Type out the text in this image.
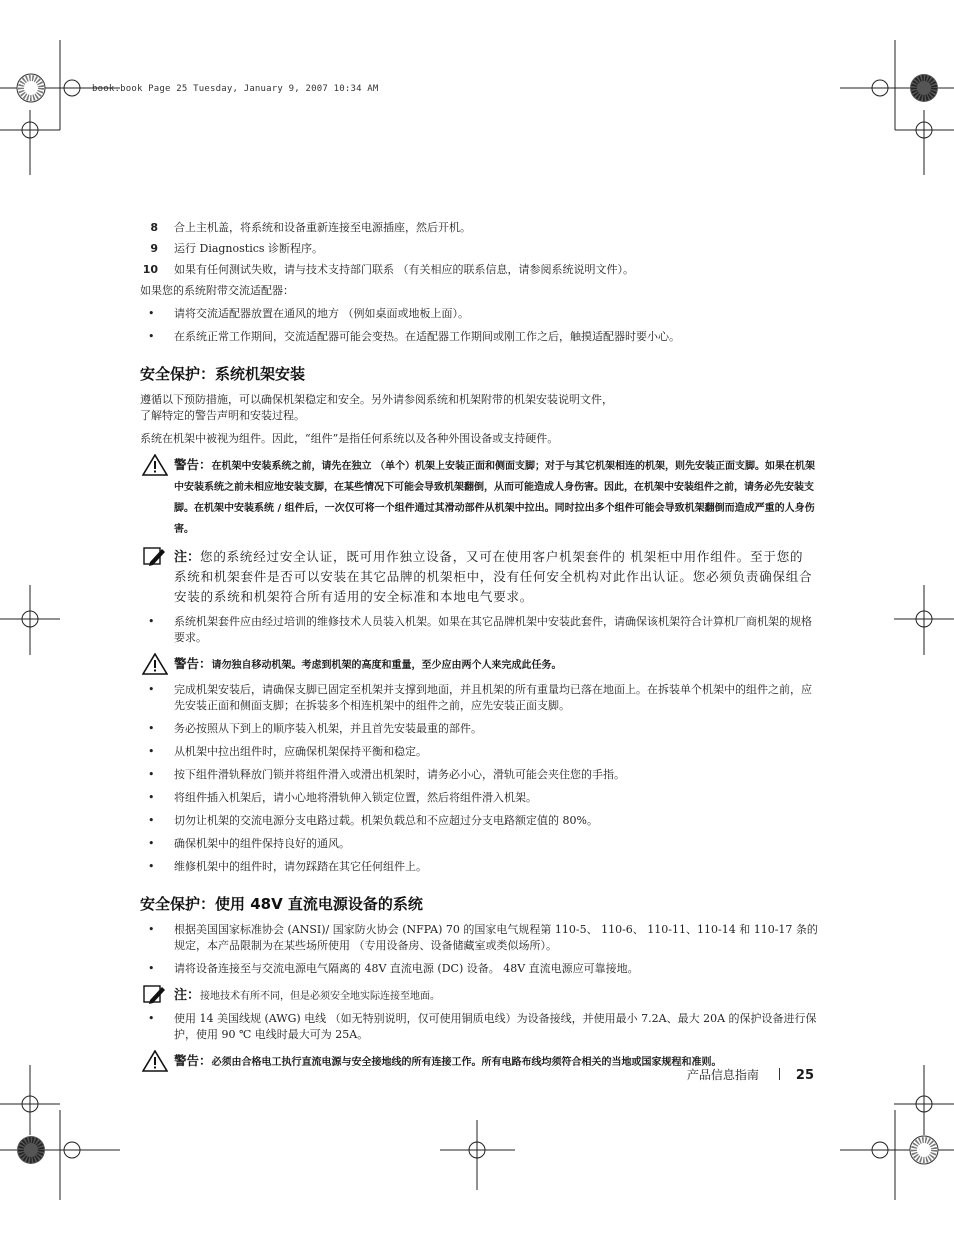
book.book Page 25 Tuesday, January 9, 2007 10:34 AM
8 合上主机盖，将系统和设备重新连接至电源插座，然后开机。
9 运行 Diagnostics 诊断程序。
10 如果有任何测试失败，请与技术支持部门联系 （有关相应的联系信息，请参阅系统说明文件）。

如果您的系统附带交流适配器：

• 请将交流适配器放置在通风的地方 （例如桌面或地板上面）。
• 在系统正常工作期间，交流适配器可能会变热。在适配器工作期间或刚工作之后，触摸适配器时要小心。
安全保护：系统机架安装

遵循以下预防措施，可以确保机架稳定和安全。另外请参阅系统和机架附带的机架安装说明文件，
了解特定的警告声明和安装过程。

系统在机架中被视为组件。因此，“组件”是指任何系统以及各种外围设备或支持硬件。

警告：在机架中安装系统之前，请先在独立 （单个）机架上安装正面和侧面支脚；对于与其它机架相连的机架，则先安装正面支脚。如果在机架中安装系统之前未相应地安装支脚，在某些情况下可能会导致机架翻倒，从而可能造成人身伤害。因此，在机架中安装组件之前，请务必先安装支脚。在机架中安装系统 / 组件后，一次仅可将一个组件通过其滑动部件从机架中拉出。同时拉出多个组件可能会导致机架翻倒而造成严重的人身伤害。
注：您的系统经过安全认证，既可用作独立设备，又可在使用客户机架套件的 机架柜中用作组件。至于您的 系统和机架套件是否可以安装在其它品牌的机架柜中，没有任何安全机构对此作出认证。您必须负责确保组合安装的系统和机架符合所有适用的安全标准和本地电气要求。
• 系统机架套件应由经过培训的维修技术人员装入机架。如果在其它品牌机架中安装此套件，请确保该机架符合计算机厂商机架的规格要求。
警告：请勿独自移动机架。考虑到机架的高度和重量，至少应由两个人来完成此任务。
• 完成机架安装后，请确保支脚已固定至机架并支撑到地面，并且机架的所有重量均已落在地面上。在拆装单个机架中的组件之前，应先安装正面和侧面支脚；在拆装多个相连机架中的组件之前，应先安装正面支脚。
• 务必按照从下到上的顺序装入机架，并且首先安装最重的部件。
• 从机架中拉出组件时，应确保机架保持平衡和稳定。
• 按下组件滑轨释放门锁并将组件滑入或滑出机架时，请务必小心，滑轨可能会夹住您的手指。
• 将组件插入机架后，请小心地将滑轨伸入锁定位置，然后将组件滑入机架。
• 切勿让机架的交流电源分支电路过载。机架负载总和不应超过分支电路额定值的 80%。
• 确保机架中的组件保持良好的通风。
• 维修机架中的组件时，请勿踩踏在其它任何组件上。
安全保护：使用 48V 直流电源设备的系统
• 根据美国国家标准协会 (ANSI)/ 国家防火协会 (NFPA) 70 的国家电气规程第 110-5、 110-6、 110-11、110-14 和 110-17 条的规定，本产品限制为在某些场所使用 （专用设备房、设备储藏室或类似场所）。
• 请将设备连接至与交流电源电气隔离的 48V 直流电源 (DC) 设备。 48V 直流电源应可靠接地。
注：接地技术有所不同，但是必须安全地实际连接至地面。
• 使用 14 美国线规 (AWG) 电线 （如无特别说明，仅可使用铜质电线）为设备接线，并使用最小 7.2A、最大 20A 的保护设备进行保护，使用 90 ℃ 电线时最大可为 25A。
警告：必须由合格电工执行直流电源与安全接地线的所有连接工作。所有电路布线均须符合相关的当地或国家规程和准则。
产品信息指南	25
